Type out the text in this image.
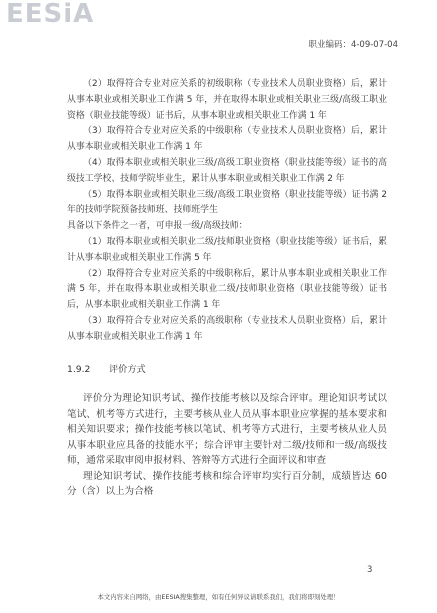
EESiA
职业编码：4-09-07-04

（2）取得符合专业对应关系的初级职称（专业技术人员职业资格）后，累计从事本职业或相关职业工作满 5 年，并在取得本职业或相关职业三级/高级工职业资格（职业技能等级）证书后，从事本职业或相关职业工作满 1 年

（3）取得符合专业对应关系的中级职称（专业技术人员职业资格）后，累计从事本职业或相关职业工作满 1 年

（4）取得本职业或相关职业三级/高级工职业资格（职业技能等级）证书的高级技工学校、技师学院毕业生，累计从事本职业或相关职业工作满 2 年

（5）取得本职业或相关职业三级/高级工职业资格（职业技能等级）证书满 2 年的技师学院预备技师班、技师班学生

具备以下条件之一者，可申报一级/高级技师：

（1）取得本职业或相关职业二级/技师职业资格（职业技能等级）证书后，累计从事本职业或相关职业工作满 5 年

（2）取得符合专业对应关系的中级职称后，累计从事本职业或相关职业工作满 5 年，并在取得本职业或相关职业二级/技师职业资格（职业技能等级）证书后，从事本职业或相关职业工作满 1 年

（3）取得符合专业对应关系的高级职称（专业技术人员职业资格）后，累计从事本职业或相关职业工作满 1 年

1.9.2 评价方式

评价分为理论知识考试、操作技能考核以及综合评审。理论知识考试以笔试、机考等方式进行，主要考核从业人员从事本职业应掌握的基本要求和相关知识要求；操作技能考核以笔试、机考等方式进行，主要考核从业人员从事本职业应具备的技能水平；综合评审主要针对二级/技师和一级/高级技师，通常采取审阅申报材料、答辩等方式进行全面评议和审查

理论知识考试、操作技能考核和综合评审均实行百分制，成绩皆达 60 分（含）以上为合格

3
本文内容来自网络，由EESIA搜集整理，如有任何异议请联系我们，我们将即刻处理！
